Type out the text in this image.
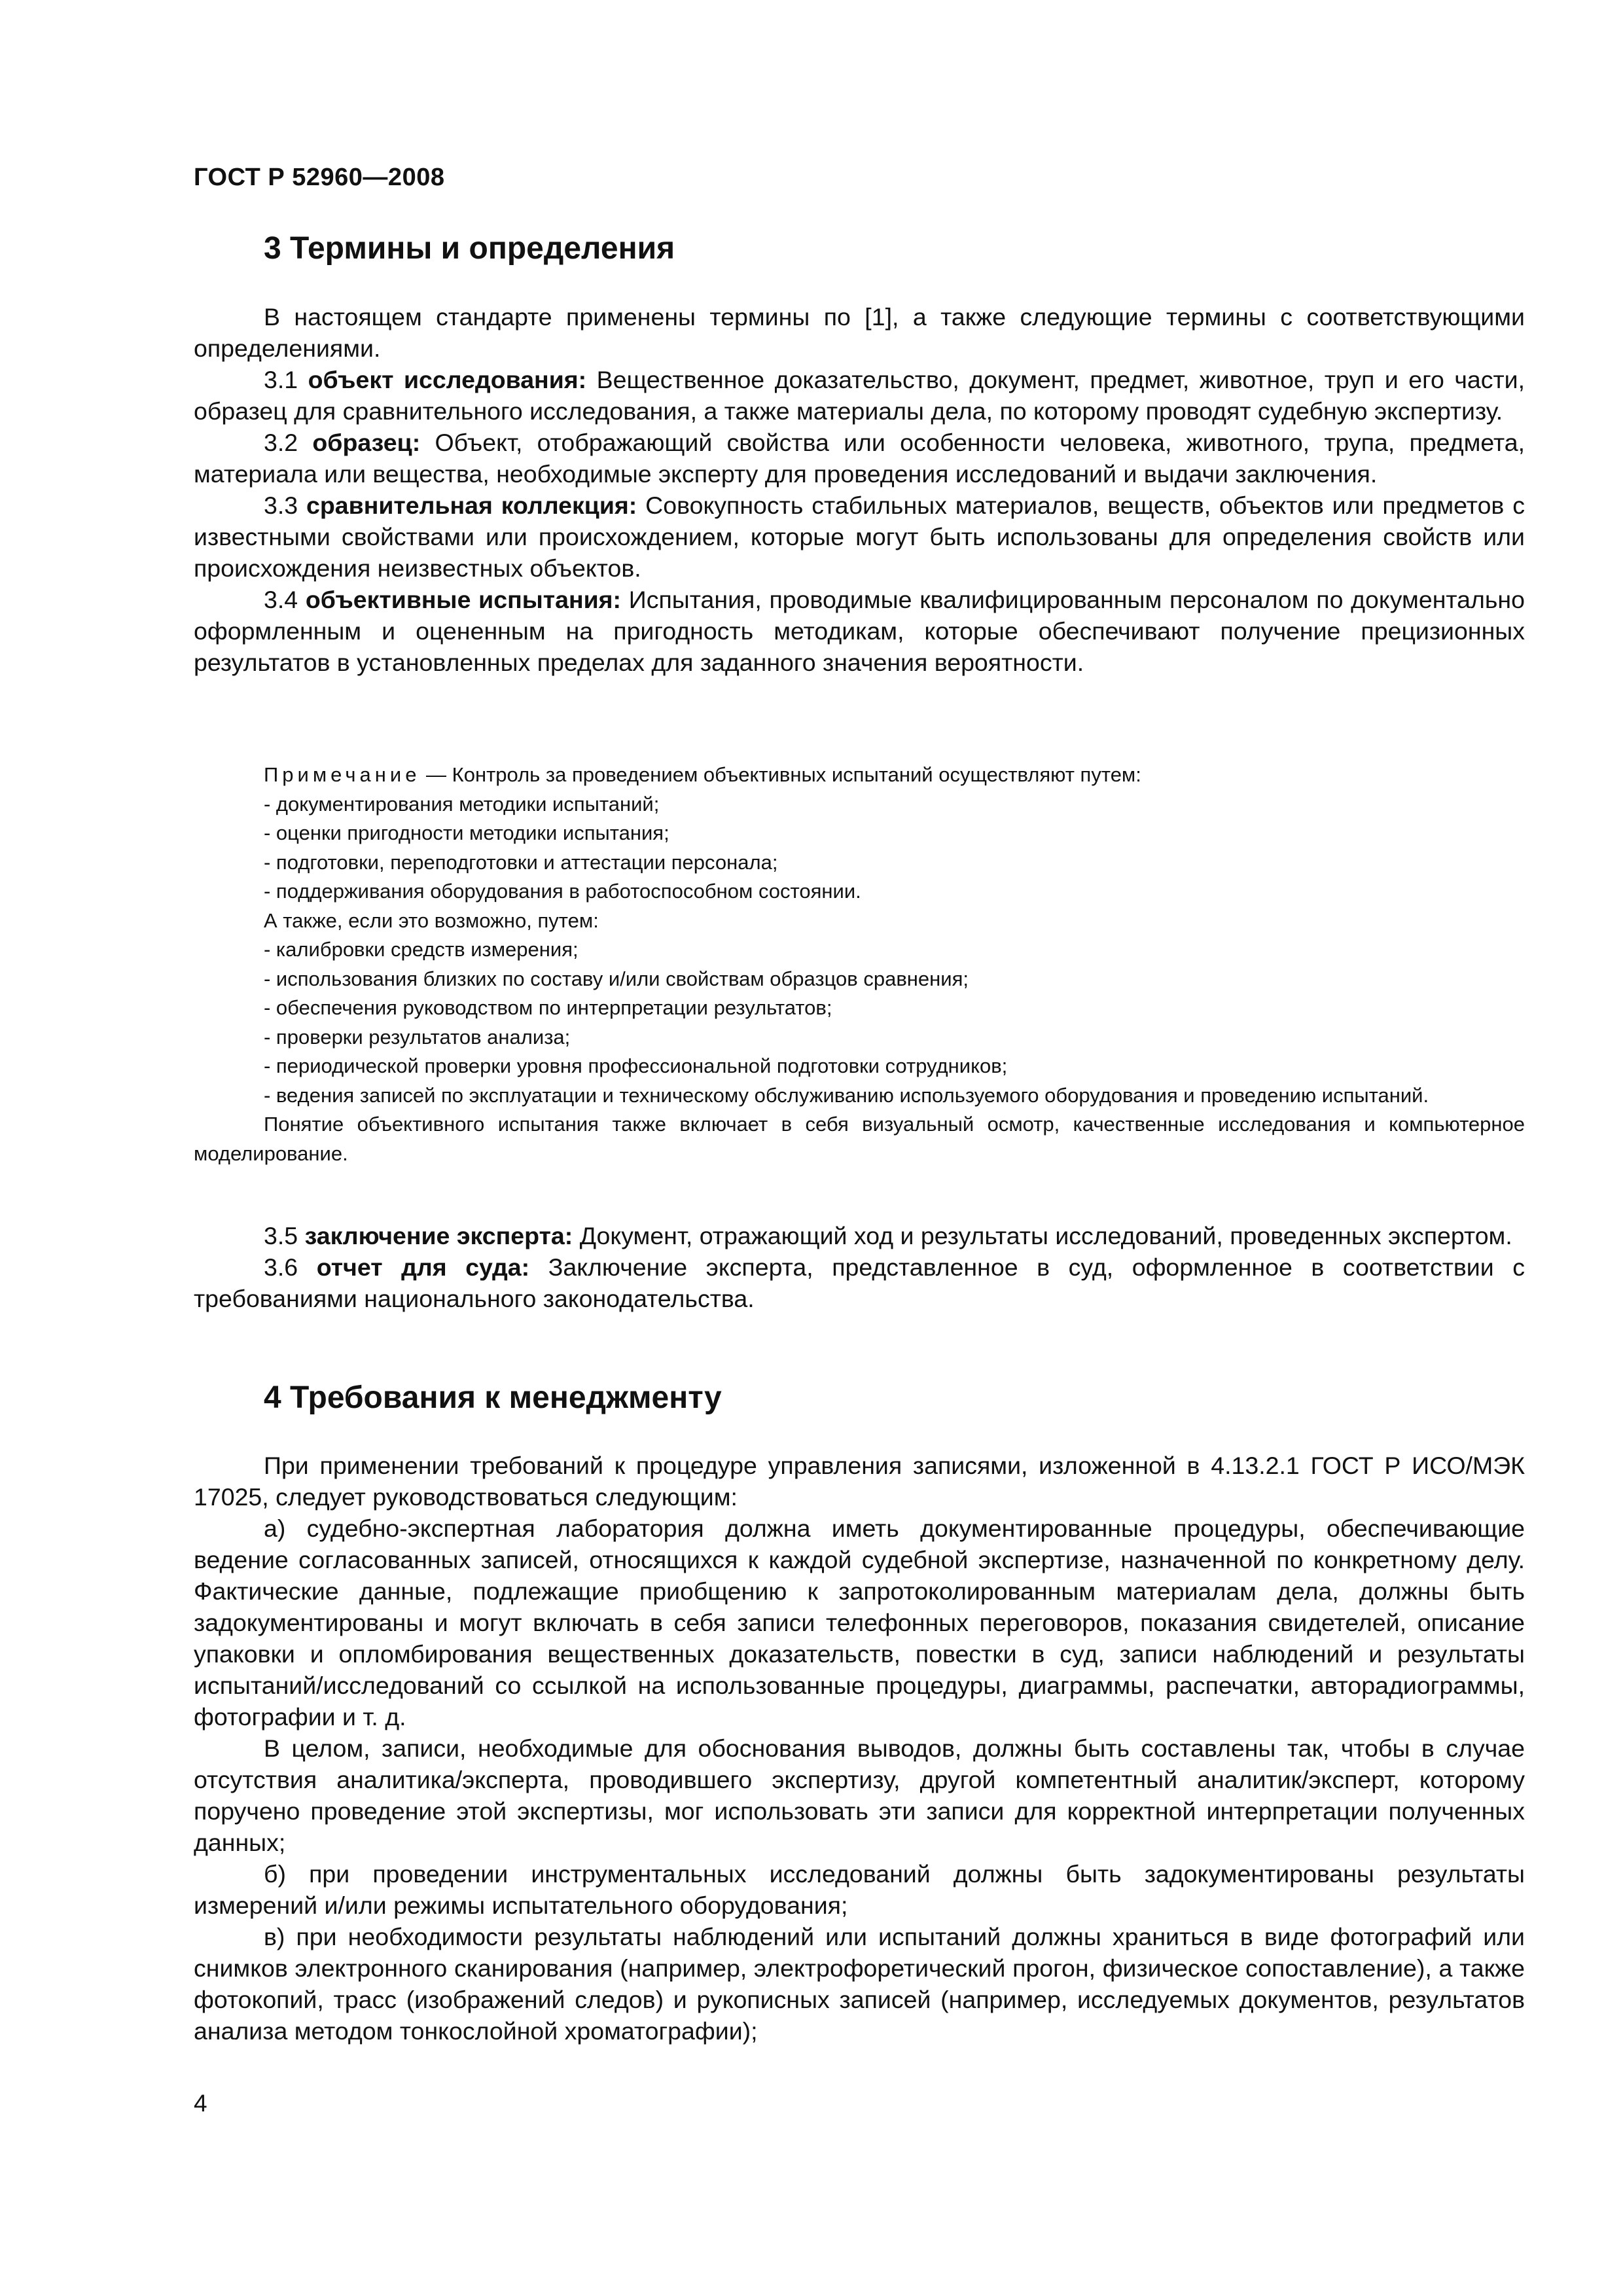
ГОСТ Р 52960—2008
3 Термины и определения

В настоящем стандарте применены термины по [1], а также следующие термины с соответствующими определениями.

3.1 объект исследования: Вещественное доказательство, документ, предмет, животное, труп и его части, образец для сравнительного исследования, а также материалы дела, по которому проводят судебную экспертизу.

3.2 образец: Объект, отображающий свойства или особенности человека, животного, трупа, предмета, материала или вещества, необходимые эксперту для проведения исследований и выдачи заключения.

3.3 сравнительная коллекция: Совокупность стабильных материалов, веществ, объектов или предметов с известными свойствами или происхождением, которые могут быть использованы для определения свойств или происхождения неизвестных объектов.

3.4 объективные испытания: Испытания, проводимые квалифицированным персоналом по документально оформленным и оцененным на пригодность методикам, которые обеспечивают получение прецизионных результатов в установленных пределах для заданного значения вероятности.

Примечание — Контроль за проведением объективных испытаний осуществляют путем:

- документирования методики испытаний;

- оценки пригодности методики испытания;

- подготовки, переподготовки и аттестации персонала;

- поддерживания оборудования в работоспособном состоянии.

А также, если это возможно, путем:

- калибровки средств измерения;

- использования близких по составу и/или свойствам образцов сравнения;

- обеспечения руководством по интерпретации результатов;

- проверки результатов анализа;

- периодической проверки уровня профессиональной подготовки сотрудников;

- ведения записей по эксплуатации и техническому обслуживанию используемого оборудования и проведению испытаний.

Понятие объективного испытания также включает в себя визуальный осмотр, качественные исследования и компьютерное моделирование.

3.5 заключение эксперта: Документ, отражающий ход и результаты исследований, проведенных экспертом.

3.6 отчет для суда: Заключение эксперта, представленное в суд, оформленное в соответствии с требованиями национального законодательства.

4 Требования к менеджменту

При применении требований к процедуре управления записями, изложенной в 4.13.2.1 ГОСТ Р ИСО/МЭК 17025, следует руководствоваться следующим:

а) судебно-экспертная лаборатория должна иметь документированные процедуры, обеспечивающие ведение согласованных записей, относящихся к каждой судебной экспертизе, назначенной по конкретному делу. Фактические данные, подлежащие приобщению к запротоколированным материалам дела, должны быть задокументированы и могут включать в себя записи телефонных переговоров, показания свидетелей, описание упаковки и опломбирования вещественных доказательств, повестки в суд, записи наблюдений и результаты испытаний/исследований со ссылкой на использованные процедуры, диаграммы, распечатки, авторадиограммы, фотографии и т. д.

В целом, записи, необходимые для обоснования выводов, должны быть составлены так, чтобы в случае отсутствия аналитика/эксперта, проводившего экспертизу, другой компетентный аналитик/эксперт, которому поручено проведение этой экспертизы, мог использовать эти записи для корректной интерпретации полученных данных;

б) при проведении инструментальных исследований должны быть задокументированы результаты измерений и/или режимы испытательного оборудования;

в) при необходимости результаты наблюдений или испытаний должны храниться в виде фотографий или снимков электронного сканирования (например, электрофоретический прогон, физическое сопоставление), а также фотокопий, трасс (изображений следов) и рукописных записей (например, исследуемых документов, результатов анализа методом тонкослойной хроматографии);

4
